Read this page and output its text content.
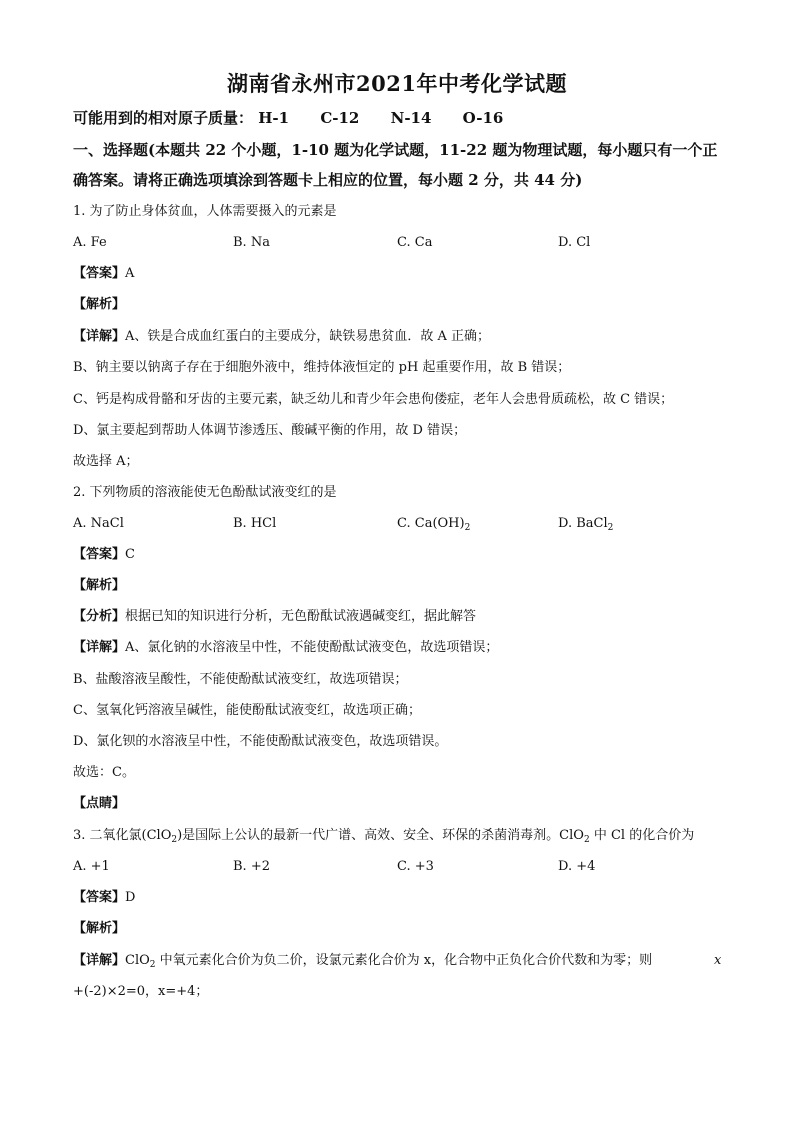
湖南省永州市2021年中考化学试题
可能用到的相对原子质量： H-1 C-12 N-14 O-16
一、选择题(本题共 22 个小题，1-10 题为化学试题，11-22 题为物理试题，每小题只有一个正
确答案。请将正确选项填涂到答题卡上相应的位置，每小题 2 分，共 44 分)
1. 为了防止身体贫血，人体需要摄入的元素是
A. Fe	B. Na	C. Ca	D. Cl
【答案】A
【解析】
【详解】A、铁是合成血红蛋白的主要成分，缺铁易患贫血．故 A 正确；
B、钠主要以钠离子存在于细胞外液中，维持体液恒定的 pH 起重要作用，故 B 错误；
C、钙是构成骨骼和牙齿的主要元素，缺乏幼儿和青少年会患佝偻症，老年人会患骨质疏松，故 C 错误；
D、氯主要起到帮助人体调节渗透压、酸碱平衡的作用，故 D 错误；
故选择 A；
2. 下列物质的溶液能使无色酚酞试液变红的是
A. NaCl	B. HCl	C. $Ca(OH)_2$	D. BaCl$_2$
【答案】C
【解析】
【分析】根据已知的知识进行分析，无色酚酞试液遇碱变红，据此解答
【详解】A、氯化钠的水溶液呈中性，不能使酚酞试液变色，故选项错误；
B、盐酸溶液呈酸性，不能使酚酞试液变红，故选项错误；
C、氢氧化钙溶液呈碱性，能使酚酞试液变红，故选项正确；
D、氯化钡的水溶液呈中性，不能使酚酞试液变色，故选项错误。
故选：C。
【点睛】
3. 二氧化氯(ClO$_2$)是国际上公认的最新一代广谱、高效、安全、环保的杀菌消毒剂。ClO$_2$ 中 Cl 的化合价为
A. +1	B. +2	C. +3	D. +4
【答案】D
【解析】
【详解】ClO$_2$ 中氧元素化合价为负二价，设氯元素化合价为 x，化合物中正负化合价代数和为零；则	x
+(-2)×2=0，x=+4；
